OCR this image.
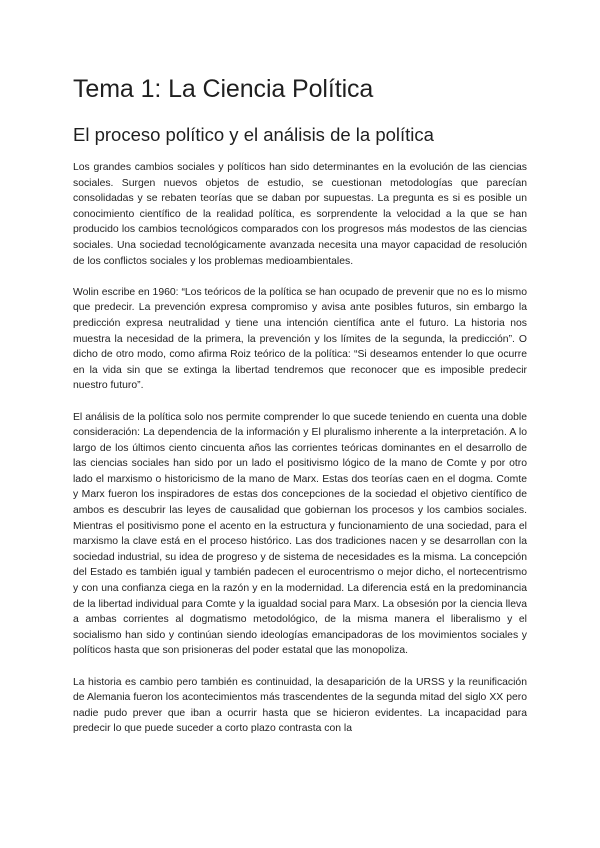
Tema 1: La Ciencia Política
El proceso político y el análisis de la política

Los grandes cambios sociales y políticos han sido determinantes en la evolución de las ciencias sociales. Surgen nuevos objetos de estudio, se cuestionan metodologías que parecían consolidadas y se rebaten teorías que se daban por supuestas. La pregunta es si es posible un conocimiento científico de la realidad política, es sorprendente la velocidad a la que se han producido los cambios tecnológicos comparados con los progresos más modestos de las ciencias sociales. Una sociedad tecnológicamente avanzada necesita una mayor capacidad de resolución de los conflictos sociales y los problemas medioambientales.

Wolin escribe en 1960: “Los teóricos de la política se han ocupado de prevenir que no es lo mismo que predecir. La prevención expresa compromiso y avisa ante posibles futuros, sin embargo la predicción expresa neutralidad y tiene una intención científica ante el futuro. La historia nos muestra la necesidad de la primera, la prevención y los límites de la segunda, la predicción”. O dicho de otro modo, como afirma Roiz teórico de la política: “Si deseamos entender lo que ocurre en la vida sin que se extinga la libertad tendremos que reconocer que es imposible predecir nuestro futuro”.

El análisis de la política solo nos permite comprender lo que sucede teniendo en cuenta una doble consideración: La dependencia de la información y El pluralismo inherente a la interpretación. A lo largo de los últimos ciento cincuenta años las corrientes teóricas dominantes en el desarrollo de las ciencias sociales han sido por un lado el positivismo lógico de la mano de Comte y por otro lado el marxismo o historicismo de la mano de Marx. Estas dos teorías caen en el dogma. Comte y Marx fueron los inspiradores de estas dos concepciones de la sociedad el objetivo científico de ambos es descubrir las leyes de causalidad que gobiernan los procesos y los cambios sociales. Mientras el positivismo pone el acento en la estructura y funcionamiento de una sociedad, para el marxismo la clave está en el proceso histórico. Las dos tradiciones nacen y se desarrollan con la sociedad industrial, su idea de progreso y de sistema de necesidades es la misma. La concepción del Estado es también igual y también padecen el eurocentrismo o mejor dicho, el nortecentrismo y con una confianza ciega en la razón y en la modernidad. La diferencia está en la predominancia de la libertad individual para Comte y la igualdad social para Marx. La obsesión por la ciencia lleva a ambas corrientes al dogmatismo metodológico, de la misma manera el liberalismo y el socialismo han sido y continúan siendo ideologías emancipadoras de los movimientos sociales y políticos hasta que son prisioneras del poder estatal que las monopoliza.

La historia es cambio pero también es continuidad, la desaparición de la URSS y la reunificación de Alemania fueron los acontecimientos más trascendentes de la segunda mitad del siglo XX pero nadie pudo prever que iban a ocurrir hasta que se hicieron evidentes. La incapacidad para predecir lo que puede suceder a corto plazo contrasta con la
